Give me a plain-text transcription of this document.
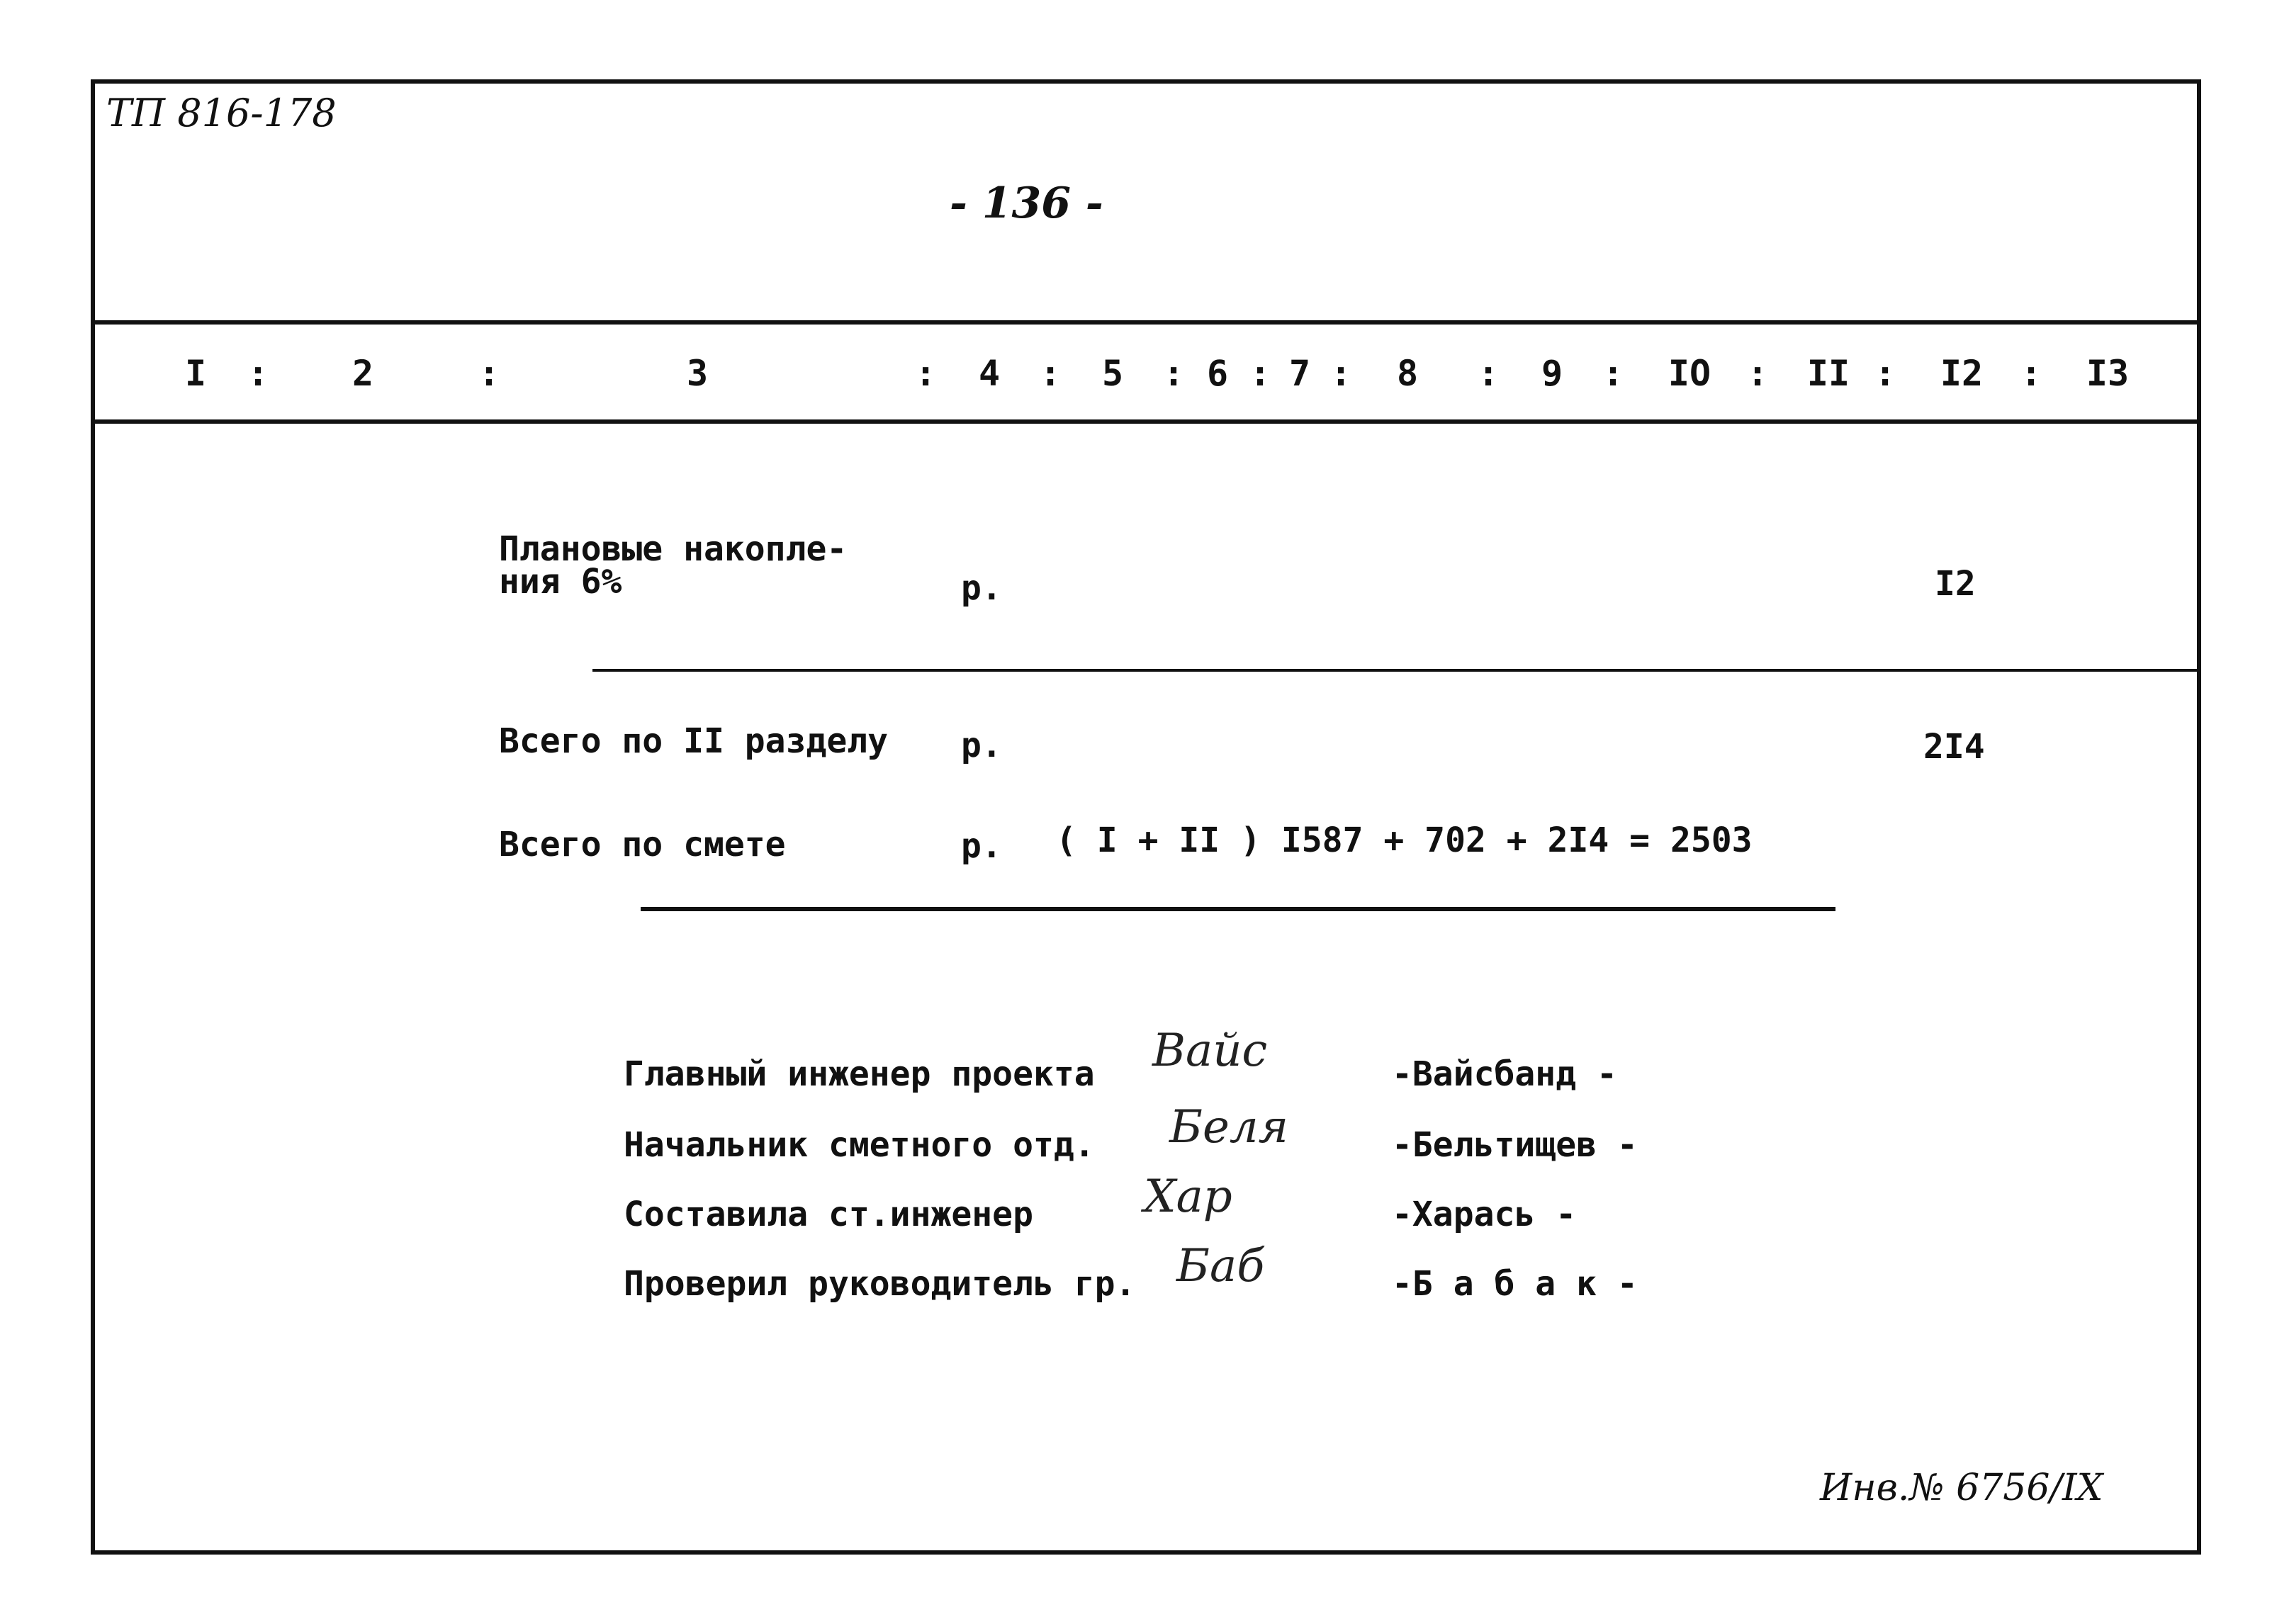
ТП 816-178
- 136 -
I : 2	:	3	: 4 : 5 : 6 : 7 : 8 : 9 : IO : II : I2 : I3
Плановые накопле-
ния 6%	р.	I2
Всего по II разделу р.	2I4
Всего по смете	р. ( I + II ) I587 + 702 + 2I4 = 2503
Главный инженер проекта Вайс	-Вайсбанд -
Начальник сметного отд. Беля	-Бельтищев -
Составила ст.инженер Хар	-Харась -
Проверил руководитель гр. Баб	-Б а б а к -
Инв.№ 6756/IX
